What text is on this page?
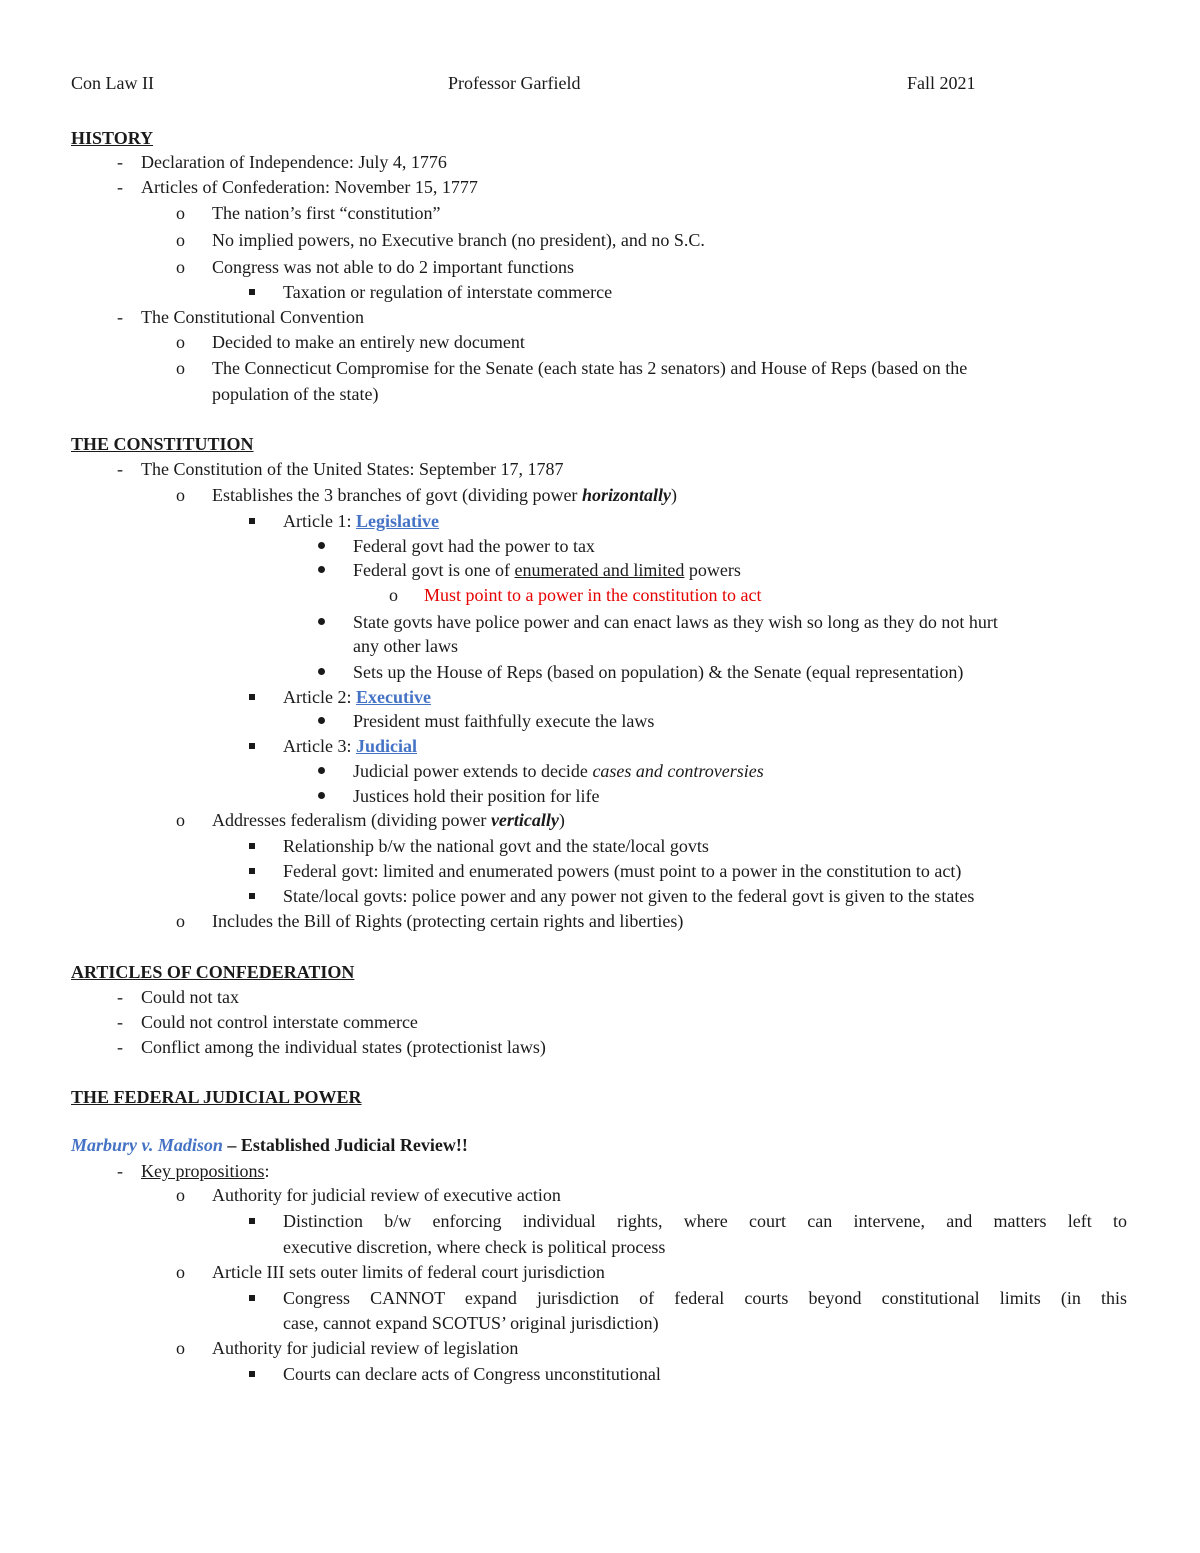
Con Law II	Professor Garfield	Fall 2021
HISTORY
- Declaration of Independence: July 4, 1776
- Articles of Confederation: November 15, 1777
o The nation’s first “constitution”
o No implied powers, no Executive branch (no president), and no S.C.
o Congress was not able to do 2 important functions
Taxation or regulation of interstate commerce
- The Constitutional Convention
o Decided to make an entirely new document
o The Connecticut Compromise for the Senate (each state has 2 senators) and House of Reps (based on the
population of the state)
THE CONSTITUTION
- The Constitution of the United States: September 17, 1787
o Establishes the 3 branches of govt (dividing power horizontally)
Article 1: Legislative
Federal govt had the power to tax
Federal govt is one of enumerated and limited powers
o Must point to a power in the constitution to act
State govts have police power and can enact laws as they wish so long as they do not hurt
any other laws
Sets up the House of Reps (based on population) & the Senate (equal representation)
Article 2: Executive
President must faithfully execute the laws
Article 3: Judicial
Judicial power extends to decide cases and controversies
Justices hold their position for life
o Addresses federalism (dividing power vertically)
Relationship b/w the national govt and the state/local govts
Federal govt: limited and enumerated powers (must point to a power in the constitution to act)
State/local govts: police power and any power not given to the federal govt is given to the states
o Includes the Bill of Rights (protecting certain rights and liberties)
ARTICLES OF CONFEDERATION
- Could not tax
- Could not control interstate commerce
- Conflict among the individual states (protectionist laws)
THE FEDERAL JUDICIAL POWER
Marbury v. Madison – Established Judicial Review!!
- Key propositions:
o Authority for judicial review of executive action
Distinction b/w enforcing individual rights, where court can intervene, and matters left to
executive discretion, where check is political process
o Article III sets outer limits of federal court jurisdiction
Congress CANNOT expand jurisdiction of federal courts beyond constitutional limits (in this
case, cannot expand SCOTUS’ original jurisdiction)
o Authority for judicial review of legislation
Courts can declare acts of Congress unconstitutional
